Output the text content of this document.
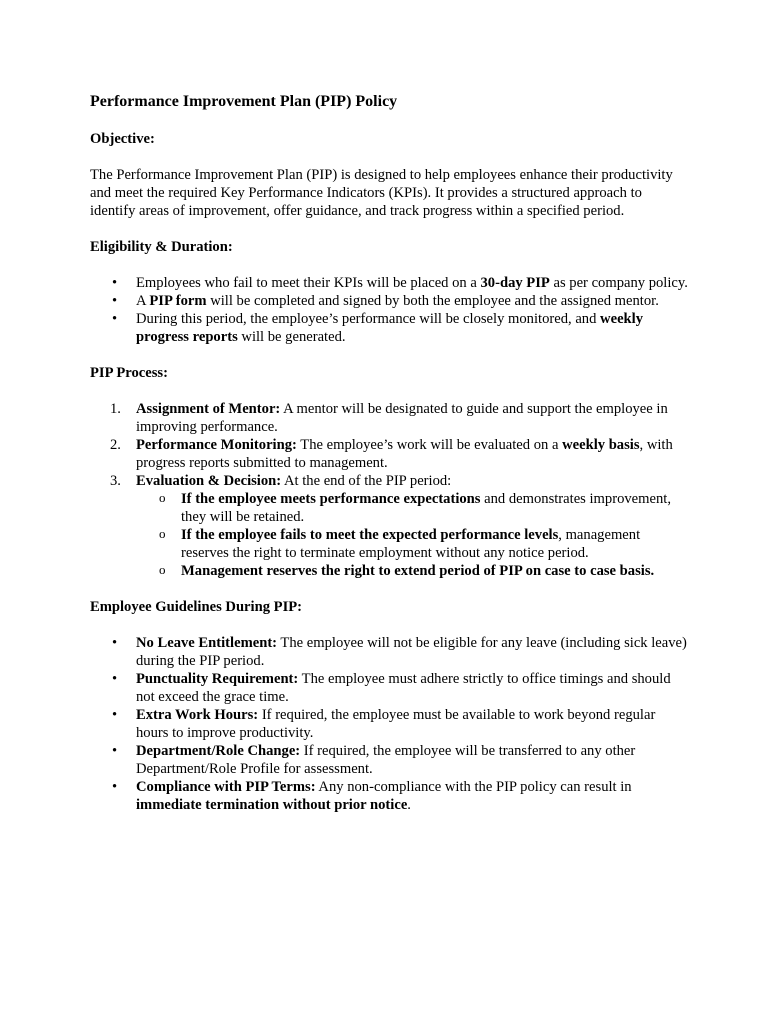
Performance Improvement Plan (PIP) Policy
Objective:

The Performance Improvement Plan (PIP) is designed to help employees enhance their productivity and meet the required Key Performance Indicators (KPIs). It provides a structured approach to identify areas of improvement, offer guidance, and track progress within a specified period.

Eligibility & Duration:
• Employees who fail to meet their KPIs will be placed on a 30-day PIP as per company policy.
• A PIP form will be completed and signed by both the employee and the assigned mentor.
• During this period, the employee’s performance will be closely monitored, and weekly progress reports will be generated.
PIP Process:
1. Assignment of Mentor: A mentor will be designated to guide and support the employee in improving performance.
2. Performance Monitoring: The employee’s work will be evaluated on a weekly basis, with progress reports submitted to management.
3. Evaluation & Decision: At the end of the PIP period:
o If the employee meets performance expectations and demonstrates improvement, they will be retained.
o If the employee fails to meet the expected performance levels, management reserves the right to terminate employment without any notice period.
o Management reserves the right to extend period of PIP on case to case basis.
Employee Guidelines During PIP:
• No Leave Entitlement: The employee will not be eligible for any leave (including sick leave) during the PIP period.
• Punctuality Requirement: The employee must adhere strictly to office timings and should not exceed the grace time.
• Extra Work Hours: If required, the employee must be available to work beyond regular hours to improve productivity.
• Department/Role Change: If required, the employee will be transferred to any other Department/Role Profile for assessment.
• Compliance with PIP Terms: Any non-compliance with the PIP policy can result in immediate termination without prior notice.
